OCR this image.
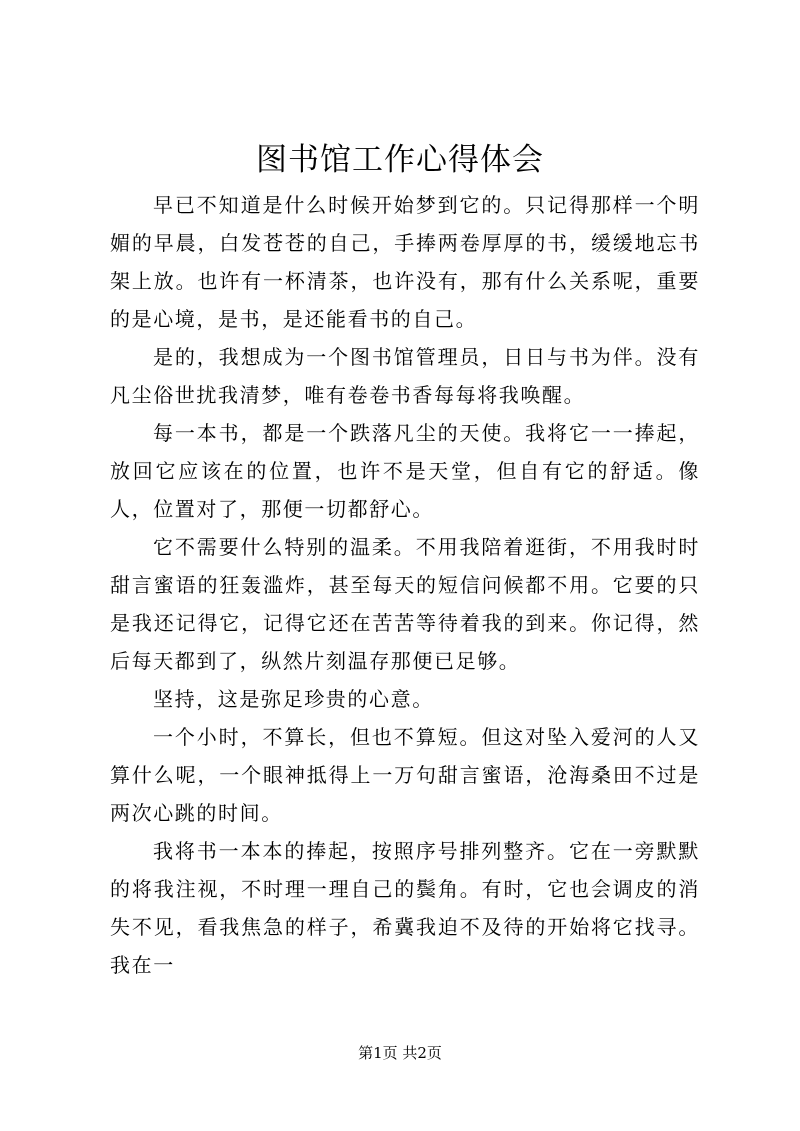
图书馆工作心得体会

早已不知道是什么时候开始梦到它的。只记得那样一个明媚的早晨，白发苍苍的自己，手捧两卷厚厚的书，缓缓地忘书架上放。也许有一杯清茶，也许没有，那有什么关系呢，重要的是心境，是书，是还能看书的自己。

是的，我想成为一个图书馆管理员，日日与书为伴。没有凡尘俗世扰我清梦，唯有卷卷书香每每将我唤醒。

每一本书，都是一个跌落凡尘的天使。我将它一一捧起，放回它应该在的位置，也许不是天堂，但自有它的舒适。像人，位置对了，那便一切都舒心。

它不需要什么特别的温柔。不用我陪着逛街，不用我时时甜言蜜语的狂轰滥炸，甚至每天的短信问候都不用。它要的只是我还记得它，记得它还在苦苦等待着我的到来。你记得，然后每天都到了，纵然片刻温存那便已足够。

坚持，这是弥足珍贵的心意。

一个小时，不算长，但也不算短。但这对坠入爱河的人又算什么呢，一个眼神抵得上一万句甜言蜜语，沧海桑田不过是两次心跳的时间。

我将书一本本的捧起，按照序号排列整齐。它在一旁默默的将我注视，不时理一理自己的鬓角。有时，它也会调皮的消失不见，看我焦急的样子，希冀我迫不及待的开始将它找寻。我在一

第1页 共2页
